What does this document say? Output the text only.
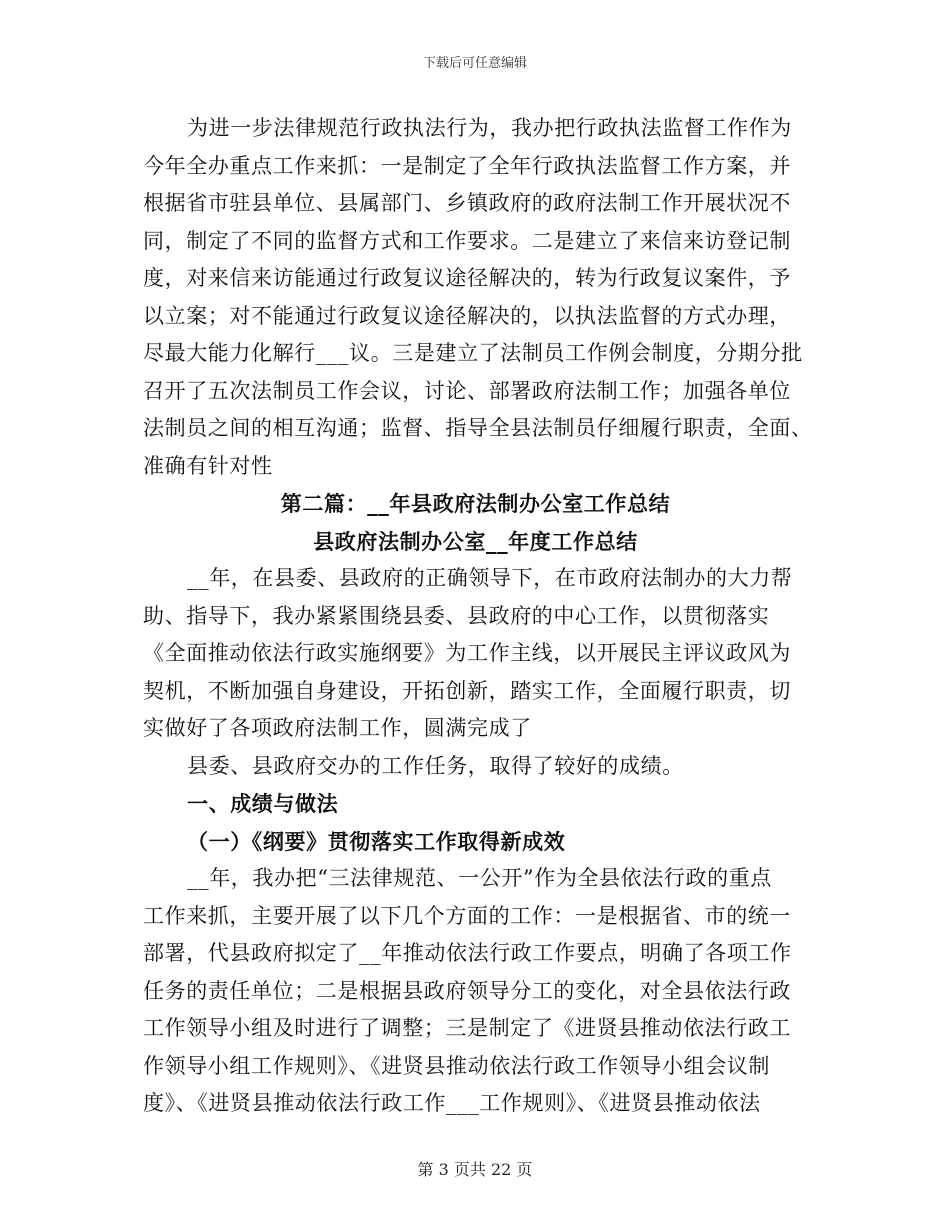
下载后可任意编辑
为进一步法律规范行政执法行为，我办把行政执法监督工作作为
今年全办重点工作来抓：一是制定了全年行政执法监督工作方案，并
根据省市驻县单位、县属部门、乡镇政府的政府法制工作开展状况不
同，制定了不同的监督方式和工作要求。二是建立了来信来访登记制
度，对来信来访能通过行政复议途径解决的，转为行政复议案件，予
以立案；对不能通过行政复议途径解决的，以执法监督的方式办理，
尽最大能力化解行___议。三是建立了法制员工作例会制度，分期分批
召开了五次法制员工作会议，讨论、部署政府法制工作；加强各单位
法制员之间的相互沟通；监督、指导全县法制员仔细履行职责，全面、
准确有针对性
第二篇：__年县政府法制办公室工作总结
县政府法制办公室__年度工作总结
__年，在县委、县政府的正确领导下，在市政府法制办的大力帮
助、指导下，我办紧紧围绕县委、县政府的中心工作，以贯彻落实
《全面推动依法行政实施纲要》为工作主线，以开展民主评议政风为
契机，不断加强自身建设，开拓创新，踏实工作，全面履行职责，切
实做好了各项政府法制工作，圆满完成了
县委、县政府交办的工作任务，取得了较好的成绩。
一、成绩与做法
（一）《纲要》贯彻落实工作取得新成效
__年，我办把“三法律规范、一公开”作为全县依法行政的重点
工作来抓，主要开展了以下几个方面的工作：一是根据省、市的统一
部署，代县政府拟定了__年推动依法行政工作要点，明确了各项工作
任务的责任单位；二是根据县政府领导分工的变化，对全县依法行政
工作领导小组及时进行了调整；三是制定了《进贤县推动依法行政工
作领导小组工作规则》、《进贤县推动依法行政工作领导小组会议制
度》、《进贤县推动依法行政工作___工作规则》、《进贤县推动依法
第 3 页共 22 页
